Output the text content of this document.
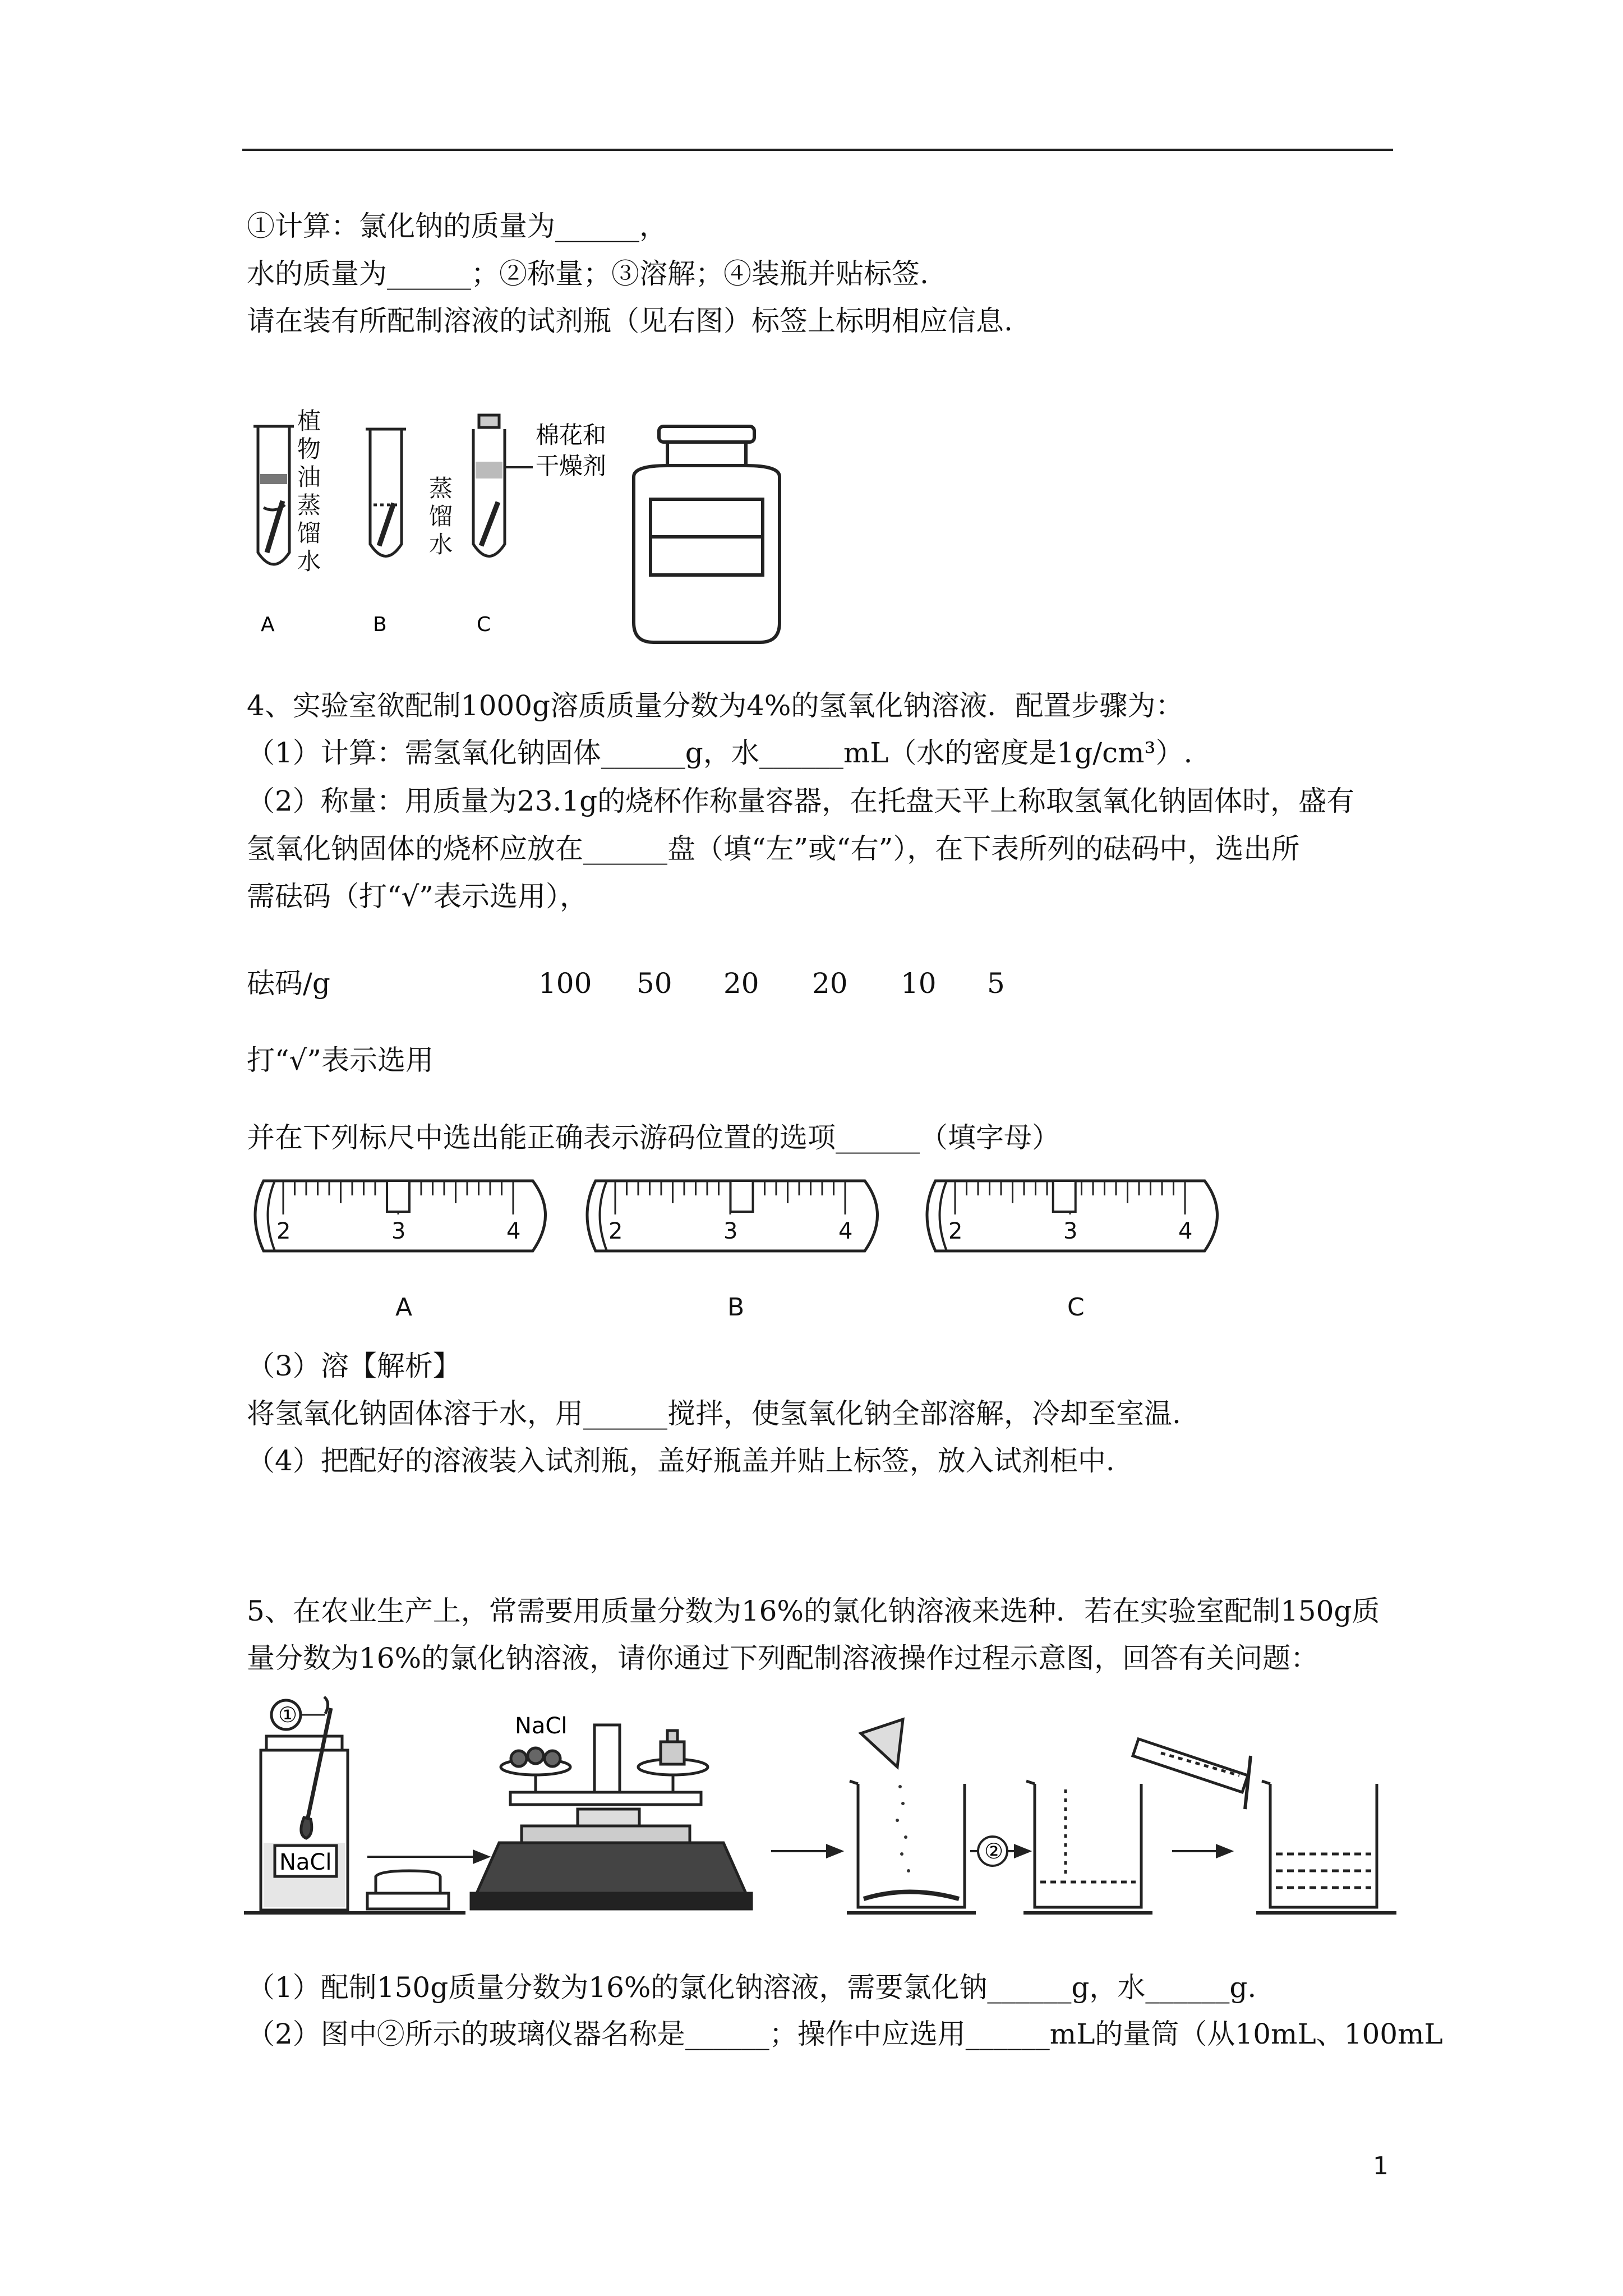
①计算：氯化钠的质量为______，
水的质量为______；②称量；③溶解；④装瓶并贴标签.
请在装有所配制溶液的试剂瓶（见右图）标签上标明相应信息.
植
物
油
蒸
馏
水
A
蒸
馏
水
B
棉花和
干燥剂
C
4、实验室欲配制1000g溶质质量分数为4%的氢氧化钠溶液．配置步骤为：
（1）计算：需氢氧化钠固体______g，水______mL（水的密度是1g/cm³）.
（2）称量：用质量为23.1g的烧杯作称量容器，在托盘天平上称取氢氧化钠固体时，盛有
氢氧化钠固体的烧杯应放在______盘（填“左”或“右”），在下表所列的砝码中，选出所
需砝码（打“√”表示选用），
砝码/g	100 50 20 20 10 5
打“√”表示选用
并在下列标尺中选出能正确表示游码位置的选项______（填字母）
2	3	4
A
2	3	4
B
2	3	4
C
（3）溶【解析】
将氢氧化钠固体溶于水，用______搅拌，使氢氧化钠全部溶解，冷却至室温.
（4）把配好的溶液装入试剂瓶，盖好瓶盖并贴上标签，放入试剂柜中.
5、在农业生产上，常需要用质量分数为16%的氯化钠溶液来选种．若在实验室配制150g质
量分数为16%的氯化钠溶液，请你通过下列配制溶液操作过程示意图，回答有关问题：
NaCl
①	NaCl
②
（1）配制150g质量分数为16%的氯化钠溶液，需要氯化钠______g，水______g.
（2）图中②所示的玻璃仪器名称是______；操作中应选用______mL的量筒（从10mL、100mL
1
